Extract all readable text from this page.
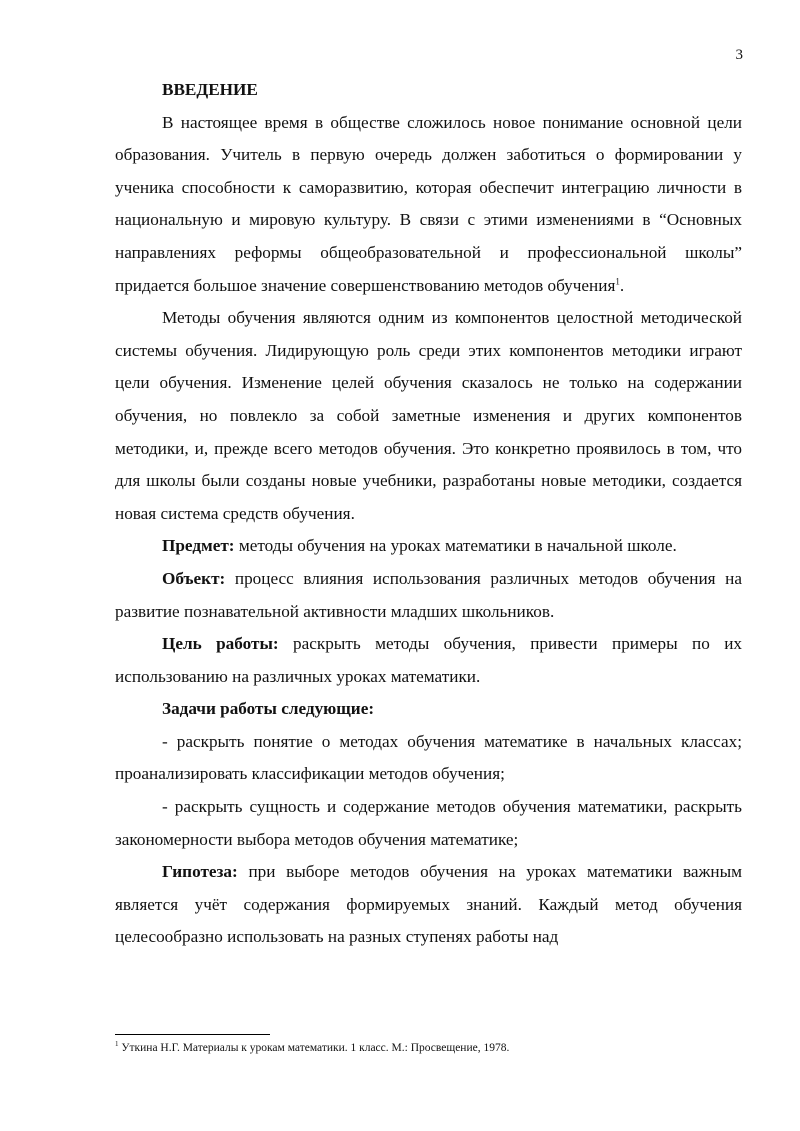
3

ВВЕДЕНИЕ

В настоящее время в обществе сложилось новое понимание основной цели образования. Учитель в первую очередь должен заботиться о формировании у ученика способности к саморазвитию, которая обеспечит интеграцию личности в национальную и мировую культуру. В связи с этими изменениями в “Основных направлениях реформы общеобразовательной и профессиональной школы” придается большое значение совершенствованию методов обучения$^1$.

Методы обучения являются одним из компонентов целостной методической системы обучения. Лидирующую роль среди этих компонентов методики играют цели обучения. Изменение целей обучения сказалось не только на содержании обучения, но повлекло за собой заметные изменения и других компонентов методики, и, прежде всего методов обучения. Это конкретно проявилось в том, что для школы были созданы новые учебники, разработаны новые методики, создается новая система средств обучения.

Предмет: методы обучения на уроках математики в начальной школе.

Объект: процесс влияния использования различных методов обучения на развитие познавательной активности младших школьников.

Цель работы: раскрыть методы обучения, привести примеры по их использованию на различных уроках математики.

Задачи работы следующие:

- раскрыть понятие о методах обучения математике в начальных классах; проанализировать классификации методов обучения;

- раскрыть сущность и содержание методов обучения математики, раскрыть закономерности выбора методов обучения математике;

Гипотеза: при выборе методов обучения на уроках математики важным является учёт содержания формируемых знаний. Каждый метод обучения целесообразно использовать на разных ступенях работы над

$^1$ Уткина Н.Г. Материалы к урокам математики. 1 класс. М.: Просвещение, 1978.
